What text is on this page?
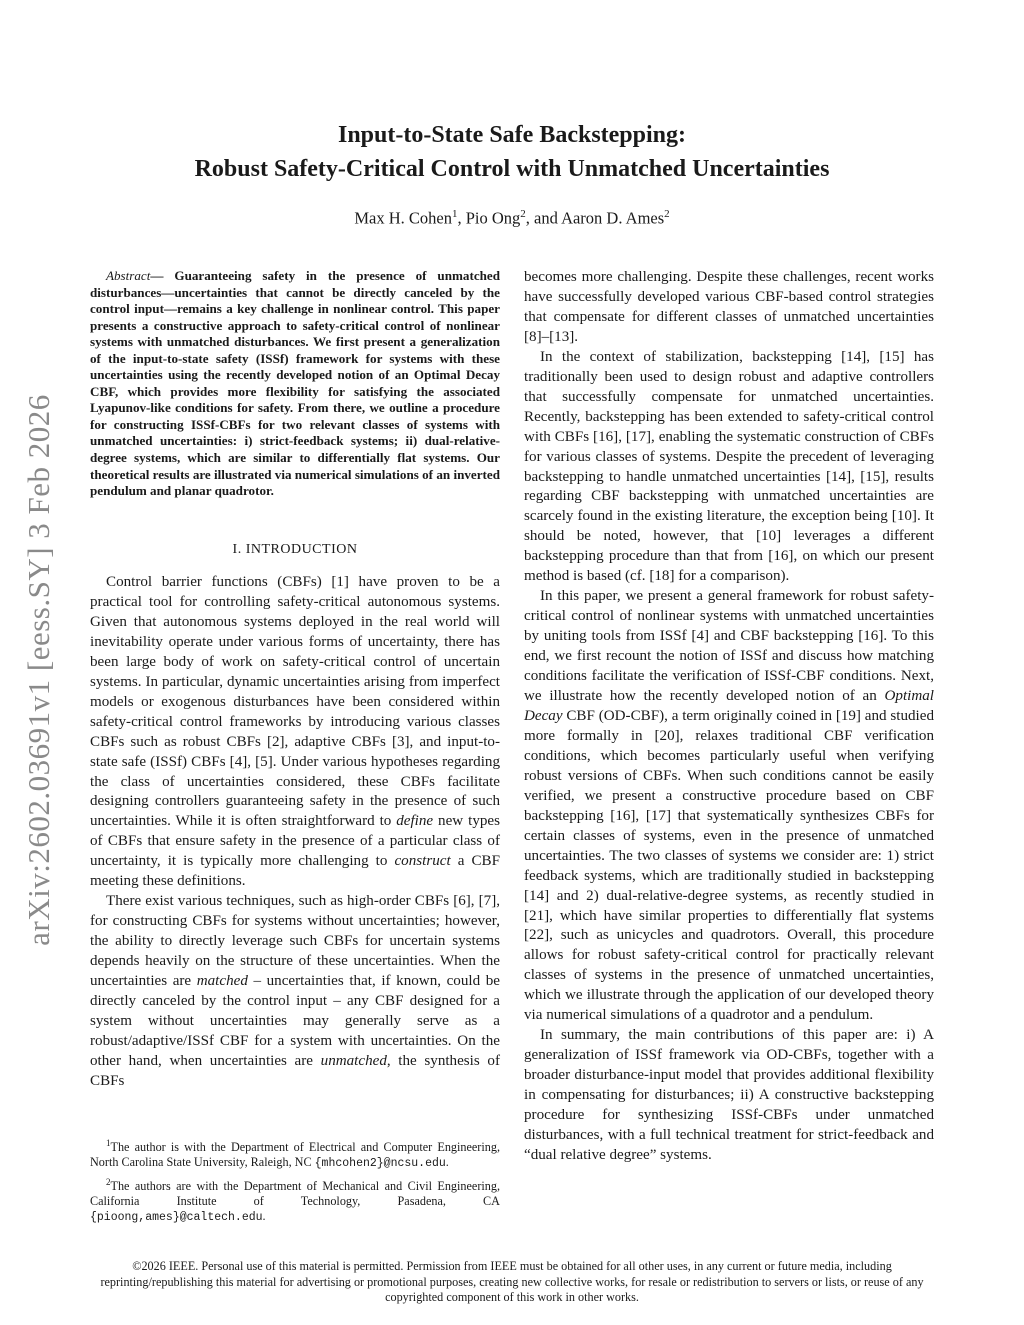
Input-to-State Safe Backstepping:
Robust Safety-Critical Control with Unmatched Uncertainties
Max H. Cohen$^1$, Pio Ong$^2$, and Aaron D. Ames$^2$
arXiv:2602.03691v1 [eess.SY] 3 Feb 2026

Abstract— Guaranteeing safety in the presence of unmatched disturbances—uncertainties that cannot be directly canceled by the control input—remains a key challenge in nonlinear control. This paper presents a constructive approach to safety-critical control of nonlinear systems with unmatched disturbances. We first present a generalization of the input-to-state safety (ISSf) framework for systems with these uncertainties using the recently developed notion of an Optimal Decay CBF, which provides more flexibility for satisfying the associated Lyapunov-like conditions for safety. From there, we outline a procedure for constructing ISSf-CBFs for two relevant classes of systems with unmatched uncertainties: i) strict-feedback systems; ii) dual-relative-degree systems, which are similar to differentially flat systems. Our theoretical results are illustrated via numerical simulations of an inverted pendulum and planar quadrotor.

I. INTRODUCTION

Control barrier functions (CBFs) [1] have proven to be a practical tool for controlling safety-critical autonomous systems. Given that autonomous systems deployed in the real world will inevitability operate under various forms of uncertainty, there has been large body of work on safety-critical control of uncertain systems. In particular, dynamic uncertainties arising from imperfect models or exogenous disturbances have been considered within safety-critical control frameworks by introducing various classes CBFs such as robust CBFs [2], adaptive CBFs [3], and input-to-state safe (ISSf) CBFs [4], [5]. Under various hypotheses regarding the class of uncertainties considered, these CBFs facilitate designing controllers guaranteeing safety in the presence of such uncertainties. While it is often straightforward to define new types of CBFs that ensure safety in the presence of a particular class of uncertainty, it is typically more challenging to construct a CBF meeting these definitions.

There exist various techniques, such as high-order CBFs [6], [7], for constructing CBFs for systems without uncertainties; however, the ability to directly leverage such CBFs for uncertain systems depends heavily on the structure of these uncertainties. When the uncertainties are matched – uncertainties that, if known, could be directly canceled by the control input – any CBF designed for a system without uncertainties may generally serve as a robust/adaptive/ISSf CBF for a system with uncertainties. On the other hand, when uncertainties are unmatched, the synthesis of CBFs

$^1$The author is with the Department of Electrical and Computer Engineering, North Carolina State University, Raleigh, NC {mhcohen2}@ncsu.edu.

$^2$The authors are with the Department of Mechanical and Civil Engineering, California Institute of Technology, Pasadena, CA {pioong,ames}@caltech.edu.

becomes more challenging. Despite these challenges, recent works have successfully developed various CBF-based control strategies that compensate for different classes of unmatched uncertainties [8]–[13].

In the context of stabilization, backstepping [14], [15] has traditionally been used to design robust and adaptive controllers that successfully compensate for unmatched uncertainties. Recently, backstepping has been extended to safety-critical control with CBFs [16], [17], enabling the systematic construction of CBFs for various classes of systems. Despite the precedent of leveraging backstepping to handle unmatched uncertainties [14], [15], results regarding CBF backstepping with unmatched uncertainties are scarcely found in the existing literature, the exception being [10]. It should be noted, however, that [10] leverages a different backstepping procedure than that from [16], on which our present method is based (cf. [18] for a comparison).

In this paper, we present a general framework for robust safety-critical control of nonlinear systems with unmatched uncertainties by uniting tools from ISSf [4] and CBF backstepping [16]. To this end, we first recount the notion of ISSf and discuss how matching conditions facilitate the verification of ISSf-CBF conditions. Next, we illustrate how the recently developed notion of an Optimal Decay CBF (OD-CBF), a term originally coined in [19] and studied more formally in [20], relaxes traditional CBF verification conditions, which becomes particularly useful when verifying robust versions of CBFs. When such conditions cannot be easily verified, we present a constructive procedure based on CBF backstepping [16], [17] that systematically synthesizes CBFs for certain classes of systems, even in the presence of unmatched uncertainties. The two classes of systems we consider are: 1) strict feedback systems, which are traditionally studied in backstepping [14] and 2) dual-relative-degree systems, as recently studied in [21], which have similar properties to differentially flat systems [22], such as unicycles and quadrotors. Overall, this procedure allows for robust safety-critical control for practically relevant classes of systems in the presence of unmatched uncertainties, which we illustrate through the application of our developed theory via numerical simulations of a quadrotor and a pendulum.

In summary, the main contributions of this paper are: i) A generalization of ISSf framework via OD-CBFs, together with a broader disturbance-input model that provides additional flexibility in compensating for disturbances; ii) A constructive backstepping procedure for synthesizing ISSf-CBFs under unmatched disturbances, with a full technical treatment for strict-feedback and “dual relative degree” systems.

©2026 IEEE. Personal use of this material is permitted. Permission from IEEE must be obtained for all other uses, in any current or future media, including reprinting/republishing this material for advertising or promotional purposes, creating new collective works, for resale or redistribution to servers or lists, or reuse of any copyrighted component of this work in other works.
